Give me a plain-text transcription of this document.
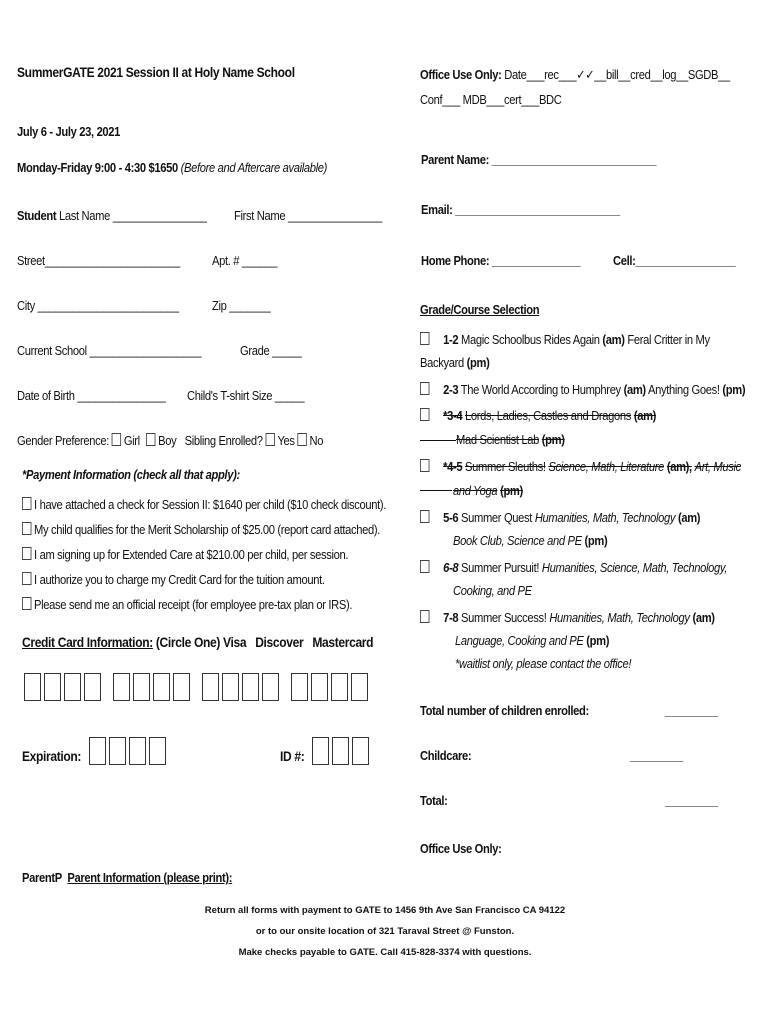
SummerGATE 2021 Session II at Holy Name School
July 6 - July 23, 2021
Monday-Friday 9:00 - 4:30 $1650 (Before and Aftercare available)
Student Last Name ________________ First Name ________________
Street_______________________ Apt. # ______
City ________________________	Zip _______
Current School ___________________	Grade _____
Date of Birth _______________ Child's T-shirt Size _____
Gender Preference: Girl Boy Sibling Enrolled? Yes No
*Payment Information (check all that apply):
I have attached a check for Session II: $1640 per child ($10 check discount).
My child qualifies for the Merit Scholarship of $25.00 (report card attached).
I am signing up for Extended Care at $210.00 per child, per session.
I authorize you to charge my Credit Card for the tuition amount.
Please send me an official receipt (for employee pre-tax plan or IRS).
Credit Card Information: (Circle One) Visa Discover Mastercard
Expiration:	ID #:
ParentP Parent Information (please print):
Office Use Only: Date___rec___✓✓__bill__cred__log__SGDB__
Conf___ MDB___cert___BDC
Parent Name: ____________________________
Email: ____________________________
Home Phone: _______________	Cell:_________________
Grade/Course Selection
1-2 Magic Schoolbus Rides Again (am) Feral Critter in My
Backyard (pm)
2-3 The World According to Humphrey (am) Anything Goes! (pm)
*3-4 Lords, Ladies, Castles and Dragons (am)
Mad Scientist Lab (pm)
*4-5 Summer Sleuths! Science, Math, Literature (am), Art, Music
and Yoga (pm)
5-6 Summer Quest Humanities, Math, Technology (am)
Book Club, Science and PE (pm)
6-8 Summer Pursuit! Humanities, Science, Math, Technology,
Cooking, and PE
7-8 Summer Success! Humanities, Math, Technology (am)
Language, Cooking and PE (pm)
*waitlist only, please contact the office!
Total number of children enrolled:	_________
Childcare:	_________
Total:	_________
Office Use Only:
Return all forms with payment to GATE to 1456 9th Ave San Francisco CA 94122
or to our onsite location of 321 Taraval Street @ Funston.
Make checks payable to GATE. Call 415-828-3374 with questions.
